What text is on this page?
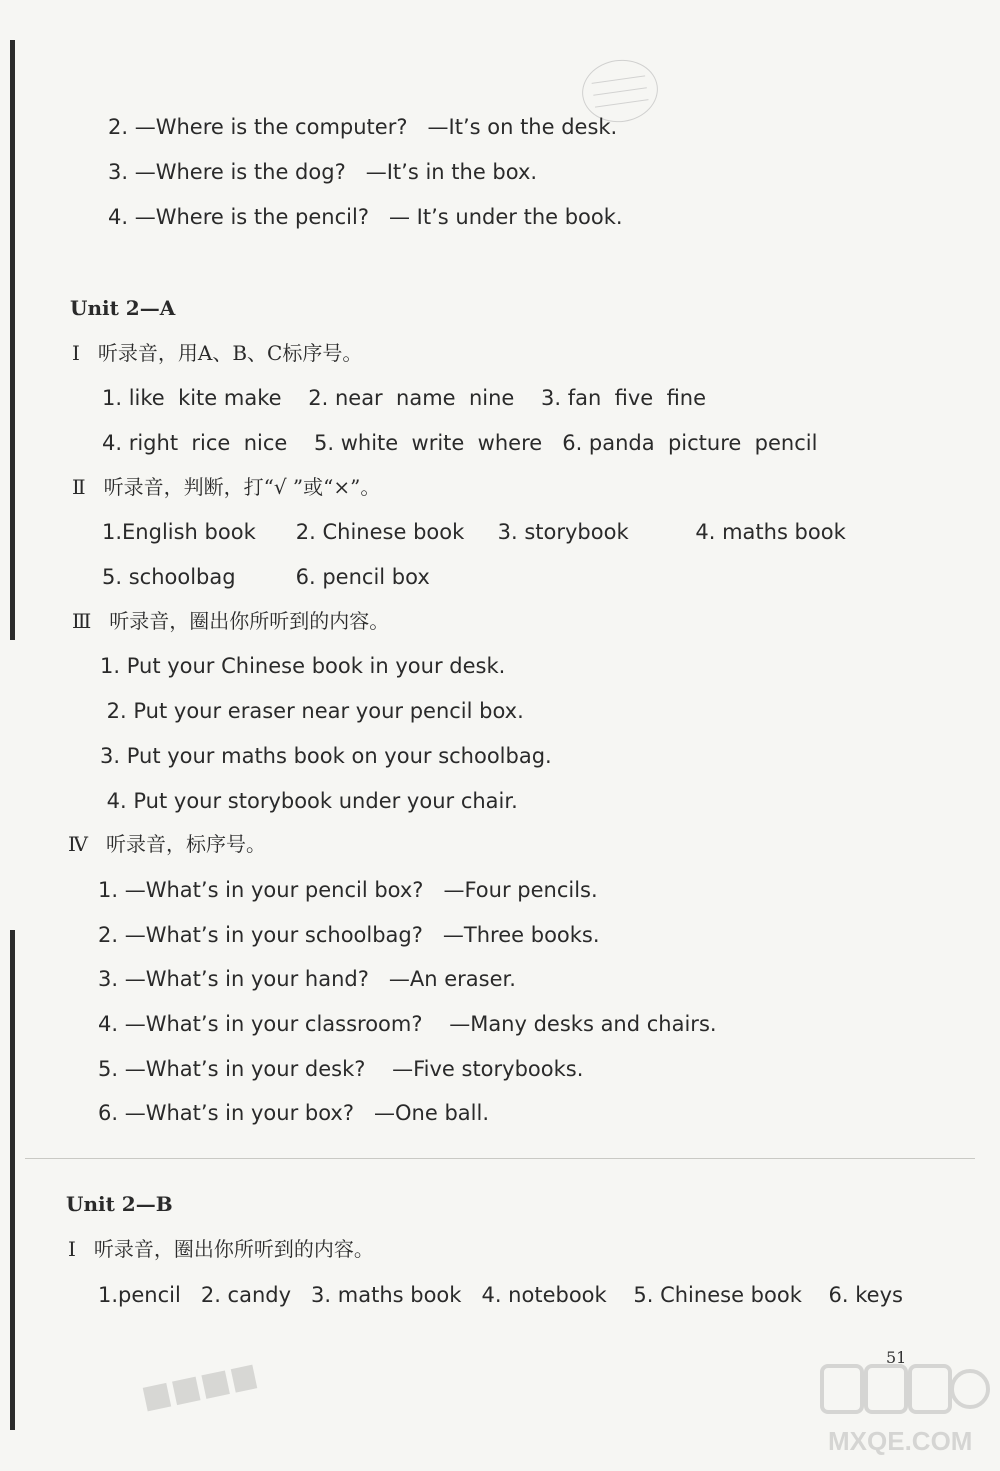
2. —Where is the computer?   —It’s on the desk.
3. —Where is the dog?   —It’s in the box.
4. —Where is the pencil?   — It’s under the book.
Unit 2—A
Ⅰ 听录音，用A、B、C标序号。
1. like  kite make    2. near  name  nine    3. fan  five  fine
4. right  rice  nice    5. white  write  where   6. panda  picture  pencil
Ⅱ 听录音，判断，打“√ ”或“×”。
1.English book      2. Chinese book     3. storybook          4. maths book
5. schoolbag         6. pencil box
Ⅲ 听录音，圈出你所听到的内容。
1. Put your Chinese book in your desk.
2. Put your eraser near your pencil box.
3. Put your maths book on your schoolbag.
4. Put your storybook under your chair.
Ⅳ 听录音，标序号。
1. —What’s in your pencil box?   —Four pencils.
2. —What’s in your schoolbag?   —Three books.
3. —What’s in your hand?   —An eraser.
4. —What’s in your classroom?    —Many desks and chairs.
5. —What’s in your desk?    —Five storybooks.
6. —What’s in your box?   —One ball.
Unit 2—B
Ⅰ 听录音，圈出你所听到的内容。
1.pencil   2. candy   3. maths book   4. notebook    5. Chinese book    6. keys
51
MXQE.COM
